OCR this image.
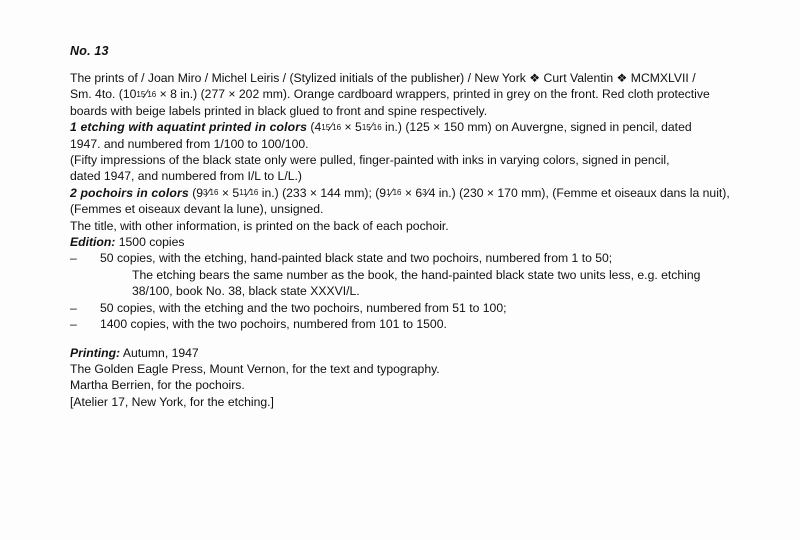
No. 13

The prints of / Joan Miro / Michel Leiris / (Stylized initials of the publisher) / New York ❖ Curt Valentin ❖ MCMXLVII /

Sm. 4to. ($10^{15}⁄^{16} \times 8$ in.) (277 × 202 mm). Orange cardboard wrappers, printed in grey on the front. Red cloth protective

boards with beige labels printed in black glued to front and spine respectively.

1 etching with aquatint printed in colors ($4^{15}⁄^{16}$ × $5^{15}⁄^{16}$ in.) (125 × 150 mm) on Auvergne, signed in pencil, dated

1947. and numbered from 1/100 to 100/100.

(Fifty impressions of the black state only were pulled, finger-painted with inks in varying colors, signed in pencil,

dated 1947, and numbered from I/L to L/L.)

2 pochoirs in colors ($9^3⁄^{16}$ × $5^{11}⁄^{16}$ in.) (233 × 144 mm); ($9^1⁄^{16}$ × $6^3⁄4$ in.) (230 × 170 mm), (Femme et oiseaux dans la nuit),

(Femmes et oiseaux devant la lune), unsigned.

The title, with other information, is printed on the back of each pochoir.

Edition: 1500 copies

–	50 copies, with the etching, hand-painted black state and two pochoirs, numbered from 1 to 50;
The etching bears the same number as the book, the hand-painted black state two units less, e.g. etching
38/100, book No. 38, black state XXXVI/L.
–	50 copies, with the etching and the two pochoirs, numbered from 51 to 100;
–	1400 copies, with the two pochoirs, numbered from 101 to 1500.

Printing: Autumn, 1947

The Golden Eagle Press, Mount Vernon, for the text and typography.

Martha Berrien, for the pochoirs.

[Atelier 17, New York, for the etching.]
